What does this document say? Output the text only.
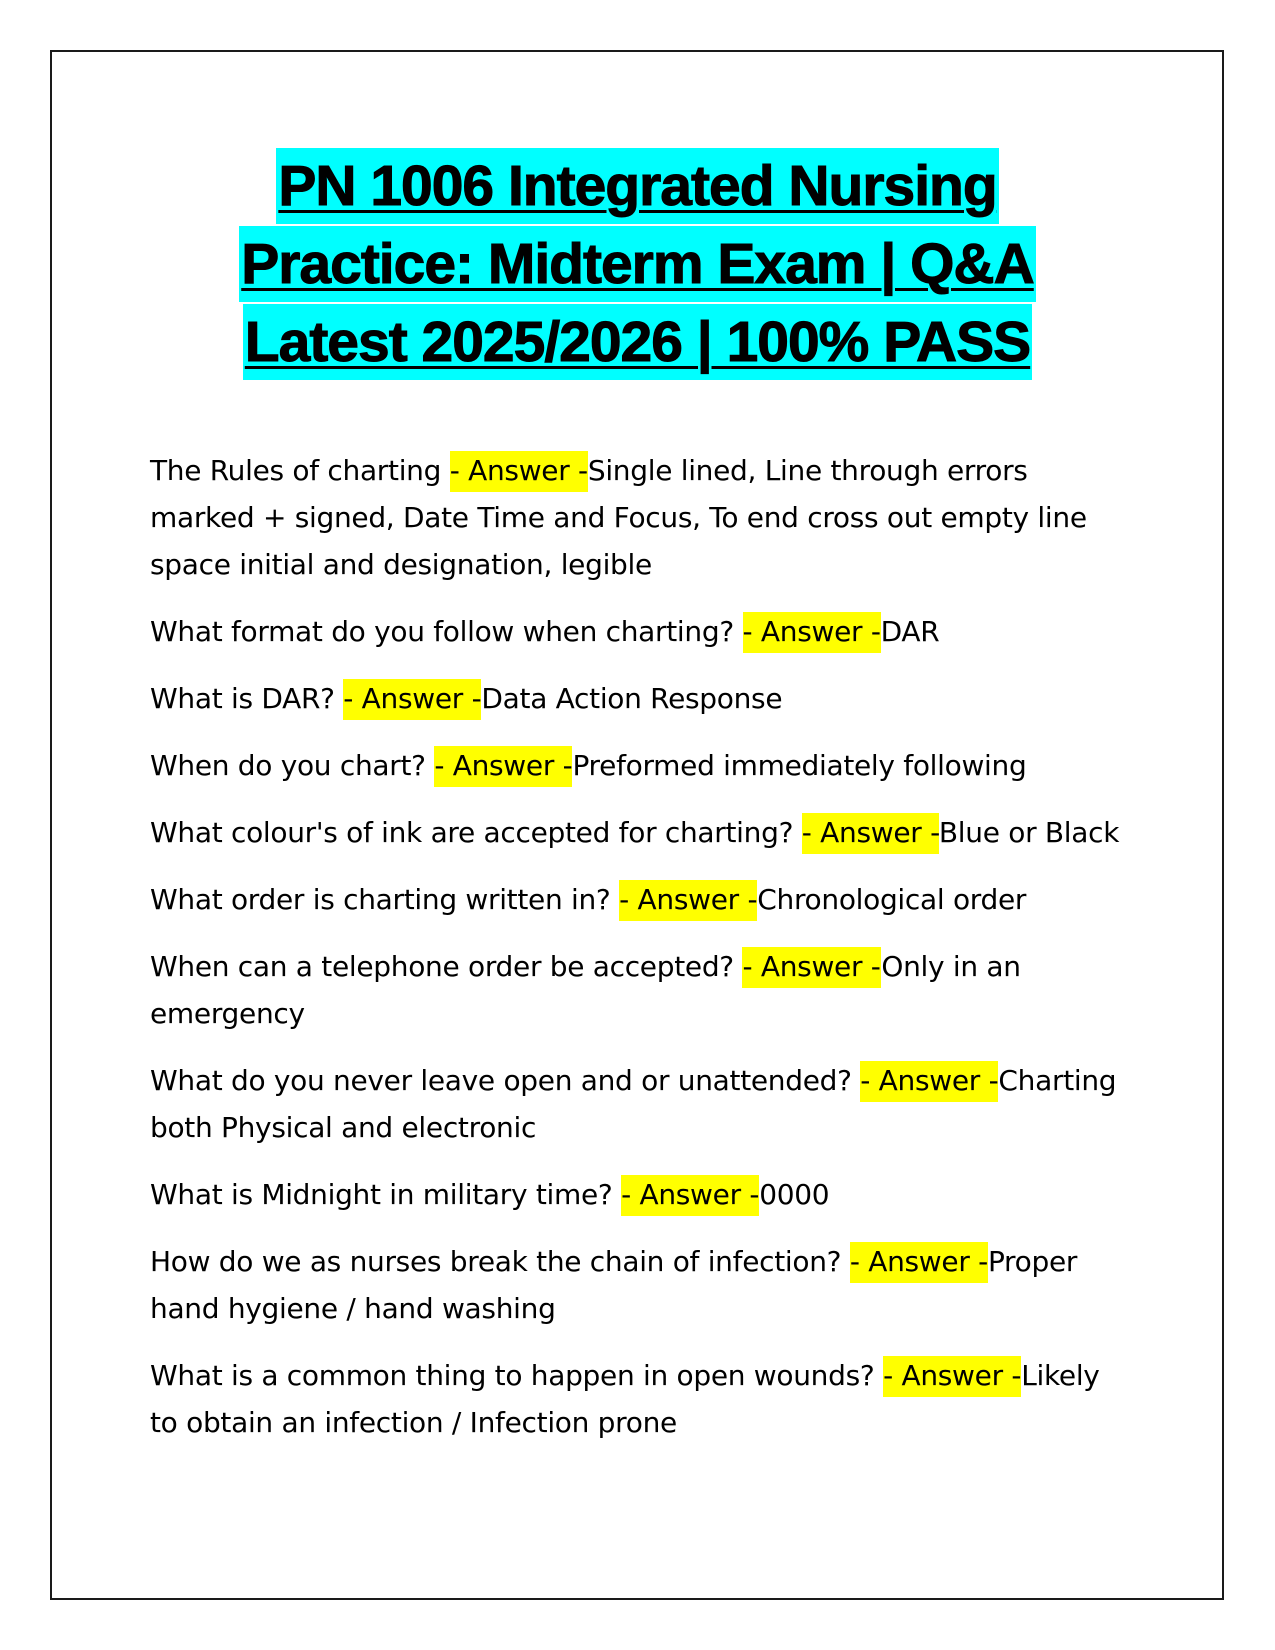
PN 1006 Integrated Nursing
Practice: Midterm Exam | Q&A
Latest 2025/2026 | 100% PASS

The Rules of charting - Answer -Single lined, Line through errors marked + signed, Date Time and Focus, To end cross out empty line space initial and designation, legible

What format do you follow when charting? - Answer -DAR

What is DAR? - Answer -Data Action Response

When do you chart? - Answer -Preformed immediately following

What colour's of ink are accepted for charting? - Answer -Blue or Black

What order is charting written in? - Answer -Chronological order

When can a telephone order be accepted? - Answer -Only in an emergency

What do you never leave open and or unattended? - Answer -Charting both Physical and electronic

What is Midnight in military time? - Answer -0000

How do we as nurses break the chain of infection? - Answer -Proper hand hygiene / hand washing

What is a common thing to happen in open wounds? - Answer -Likely to obtain an infection / Infection prone
